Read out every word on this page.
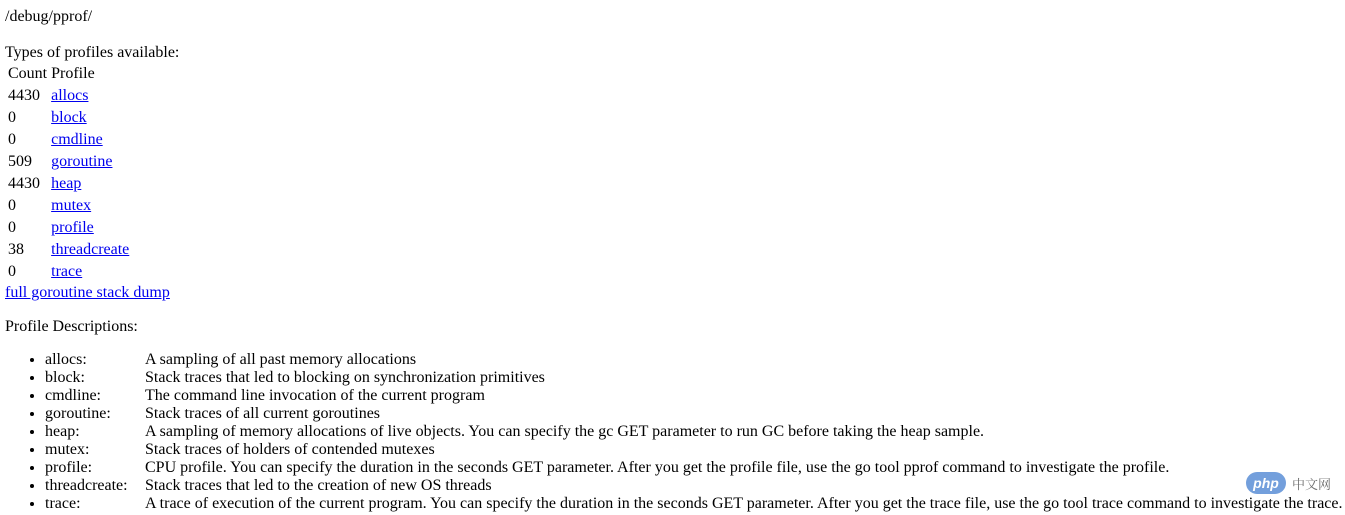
/debug/pprof/
Types of profiles available:
Count	Profile
4430	allocs
0	block
0	cmdline
509	goroutine
4430	heap
0	mutex
0	profile
38	threadcreate
0	trace
full goroutine stack dump
Profile Descriptions:
• allocs:	A sampling of all past memory allocations
• block:	Stack traces that led to blocking on synchronization primitives
• cmdline:	The command line invocation of the current program
• goroutine: Stack traces of all current goroutines
• heap:	A sampling of memory allocations of live objects. You can specify the gc GET parameter to run GC before taking the heap sample.
• mutex:	Stack traces of holders of contended mutexes
• profile:	CPU profile. You can specify the duration in the seconds GET parameter. After you get the profile file, use the go tool pprof command to investigate the profile.
• threadcreate: Stack traces that led to the creation of new OS threads
• trace:	A trace of execution of the current program. You can specify the duration in the seconds GET parameter. After you get the trace file, use the go tool trace command to investigate the trace.
php	中文网
